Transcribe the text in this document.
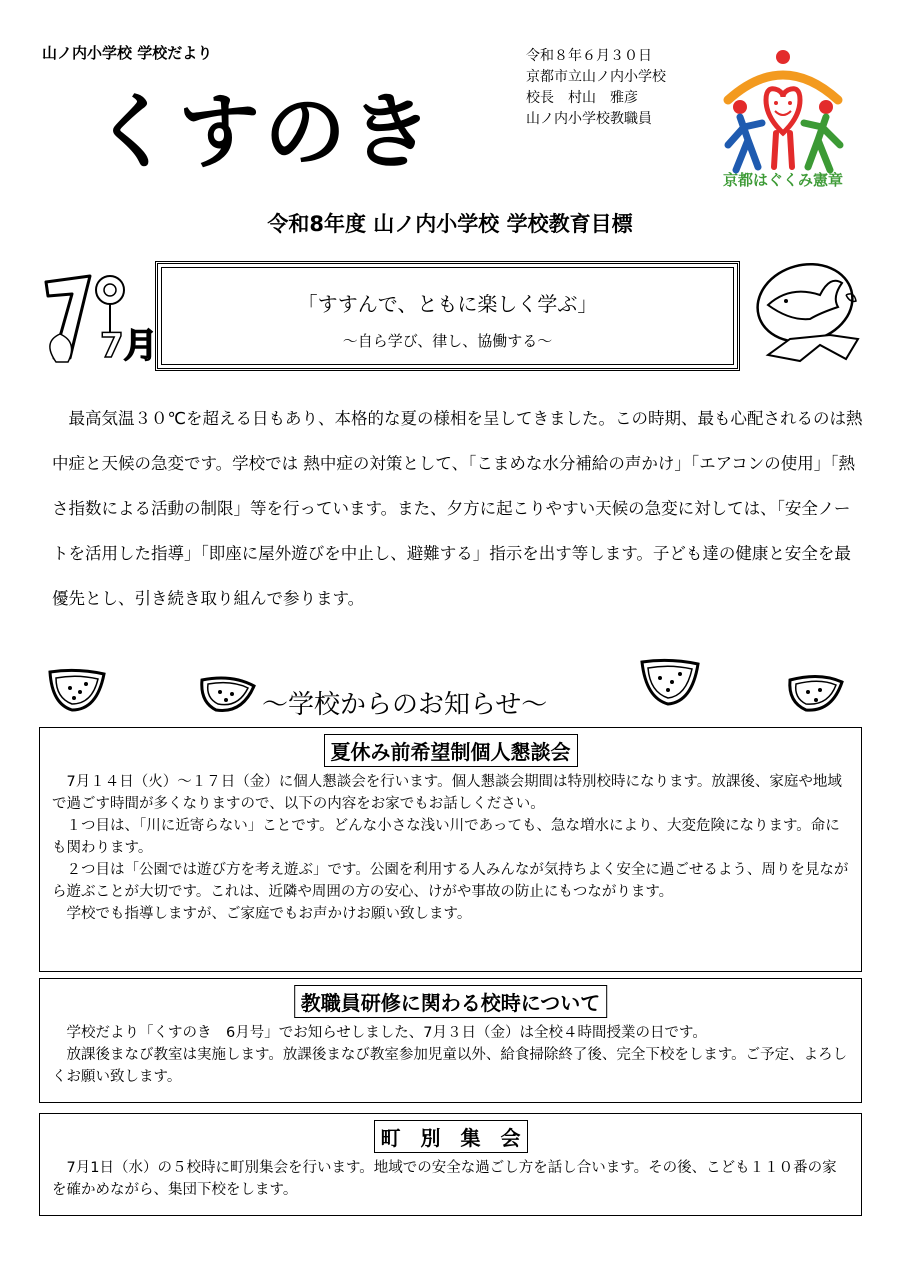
山ノ内小学校 学校だより
くすのき
令和８年６月３０日
京都市立山ノ内小学校
校長　村山　雅彦
山ノ内小学校教職員
京都はぐくみ憲章
令和8年度 山ノ内小学校 学校教育目標
7月
「すすんで、ともに楽しく学ぶ」
～自ら学び、律し、協働する～
最高気温３０℃を超える日もあり、本格的な夏の様相を呈してきました。この時期、最も心配されるのは熱中症と天候の急変です。学校では 熱中症の対策として、「こまめな水分補給の声かけ」「エアコンの使用」「熱さ指数による活動の制限」等を行っています。また、夕方に起こりやすい天候の急変に対しては、「安全ノートを活用した指導」「即座に屋外遊びを中止し、避難する」指示を出す等します。子ども達の健康と安全を最優先とし、引き続き取り組んで参ります。
～学校からのお知らせ～
夏休み前希望制個人懇談会

7月１４日（火）～１７日（金）に個人懇談会を行います。個人懇談会期間は特別校時になります。放課後、家庭や地域で過ごす時間が多くなりますので、以下の内容をお家でもお話しください。

１つ目は、「川に近寄らない」ことです。どんな小さな浅い川であっても、急な増水により、大変危険になります。命にも関わります。

２つ目は「公園では遊び方を考え遊ぶ」です。公園を利用する人みんなが気持ちよく安全に過ごせるよう、周りを見ながら遊ぶことが大切です。これは、近隣や周囲の方の安心、けがや事故の防止にもつながります。

学校でも指導しますが、ご家庭でもお声かけお願い致します。

教職員研修に関わる校時について

学校だより「くすのき　6月号」でお知らせしました、7月３日（金）は全校４時間授業の日です。

放課後まなび教室は実施します。放課後まなび教室参加児童以外、給食掃除終了後、完全下校をします。ご予定、よろしくお願い致します。

町　別　集　会

7月1日（水）の５校時に町別集会を行います。地域での安全な過ごし方を話し合います。その後、こども１１０番の家を確かめながら、集団下校をします。
